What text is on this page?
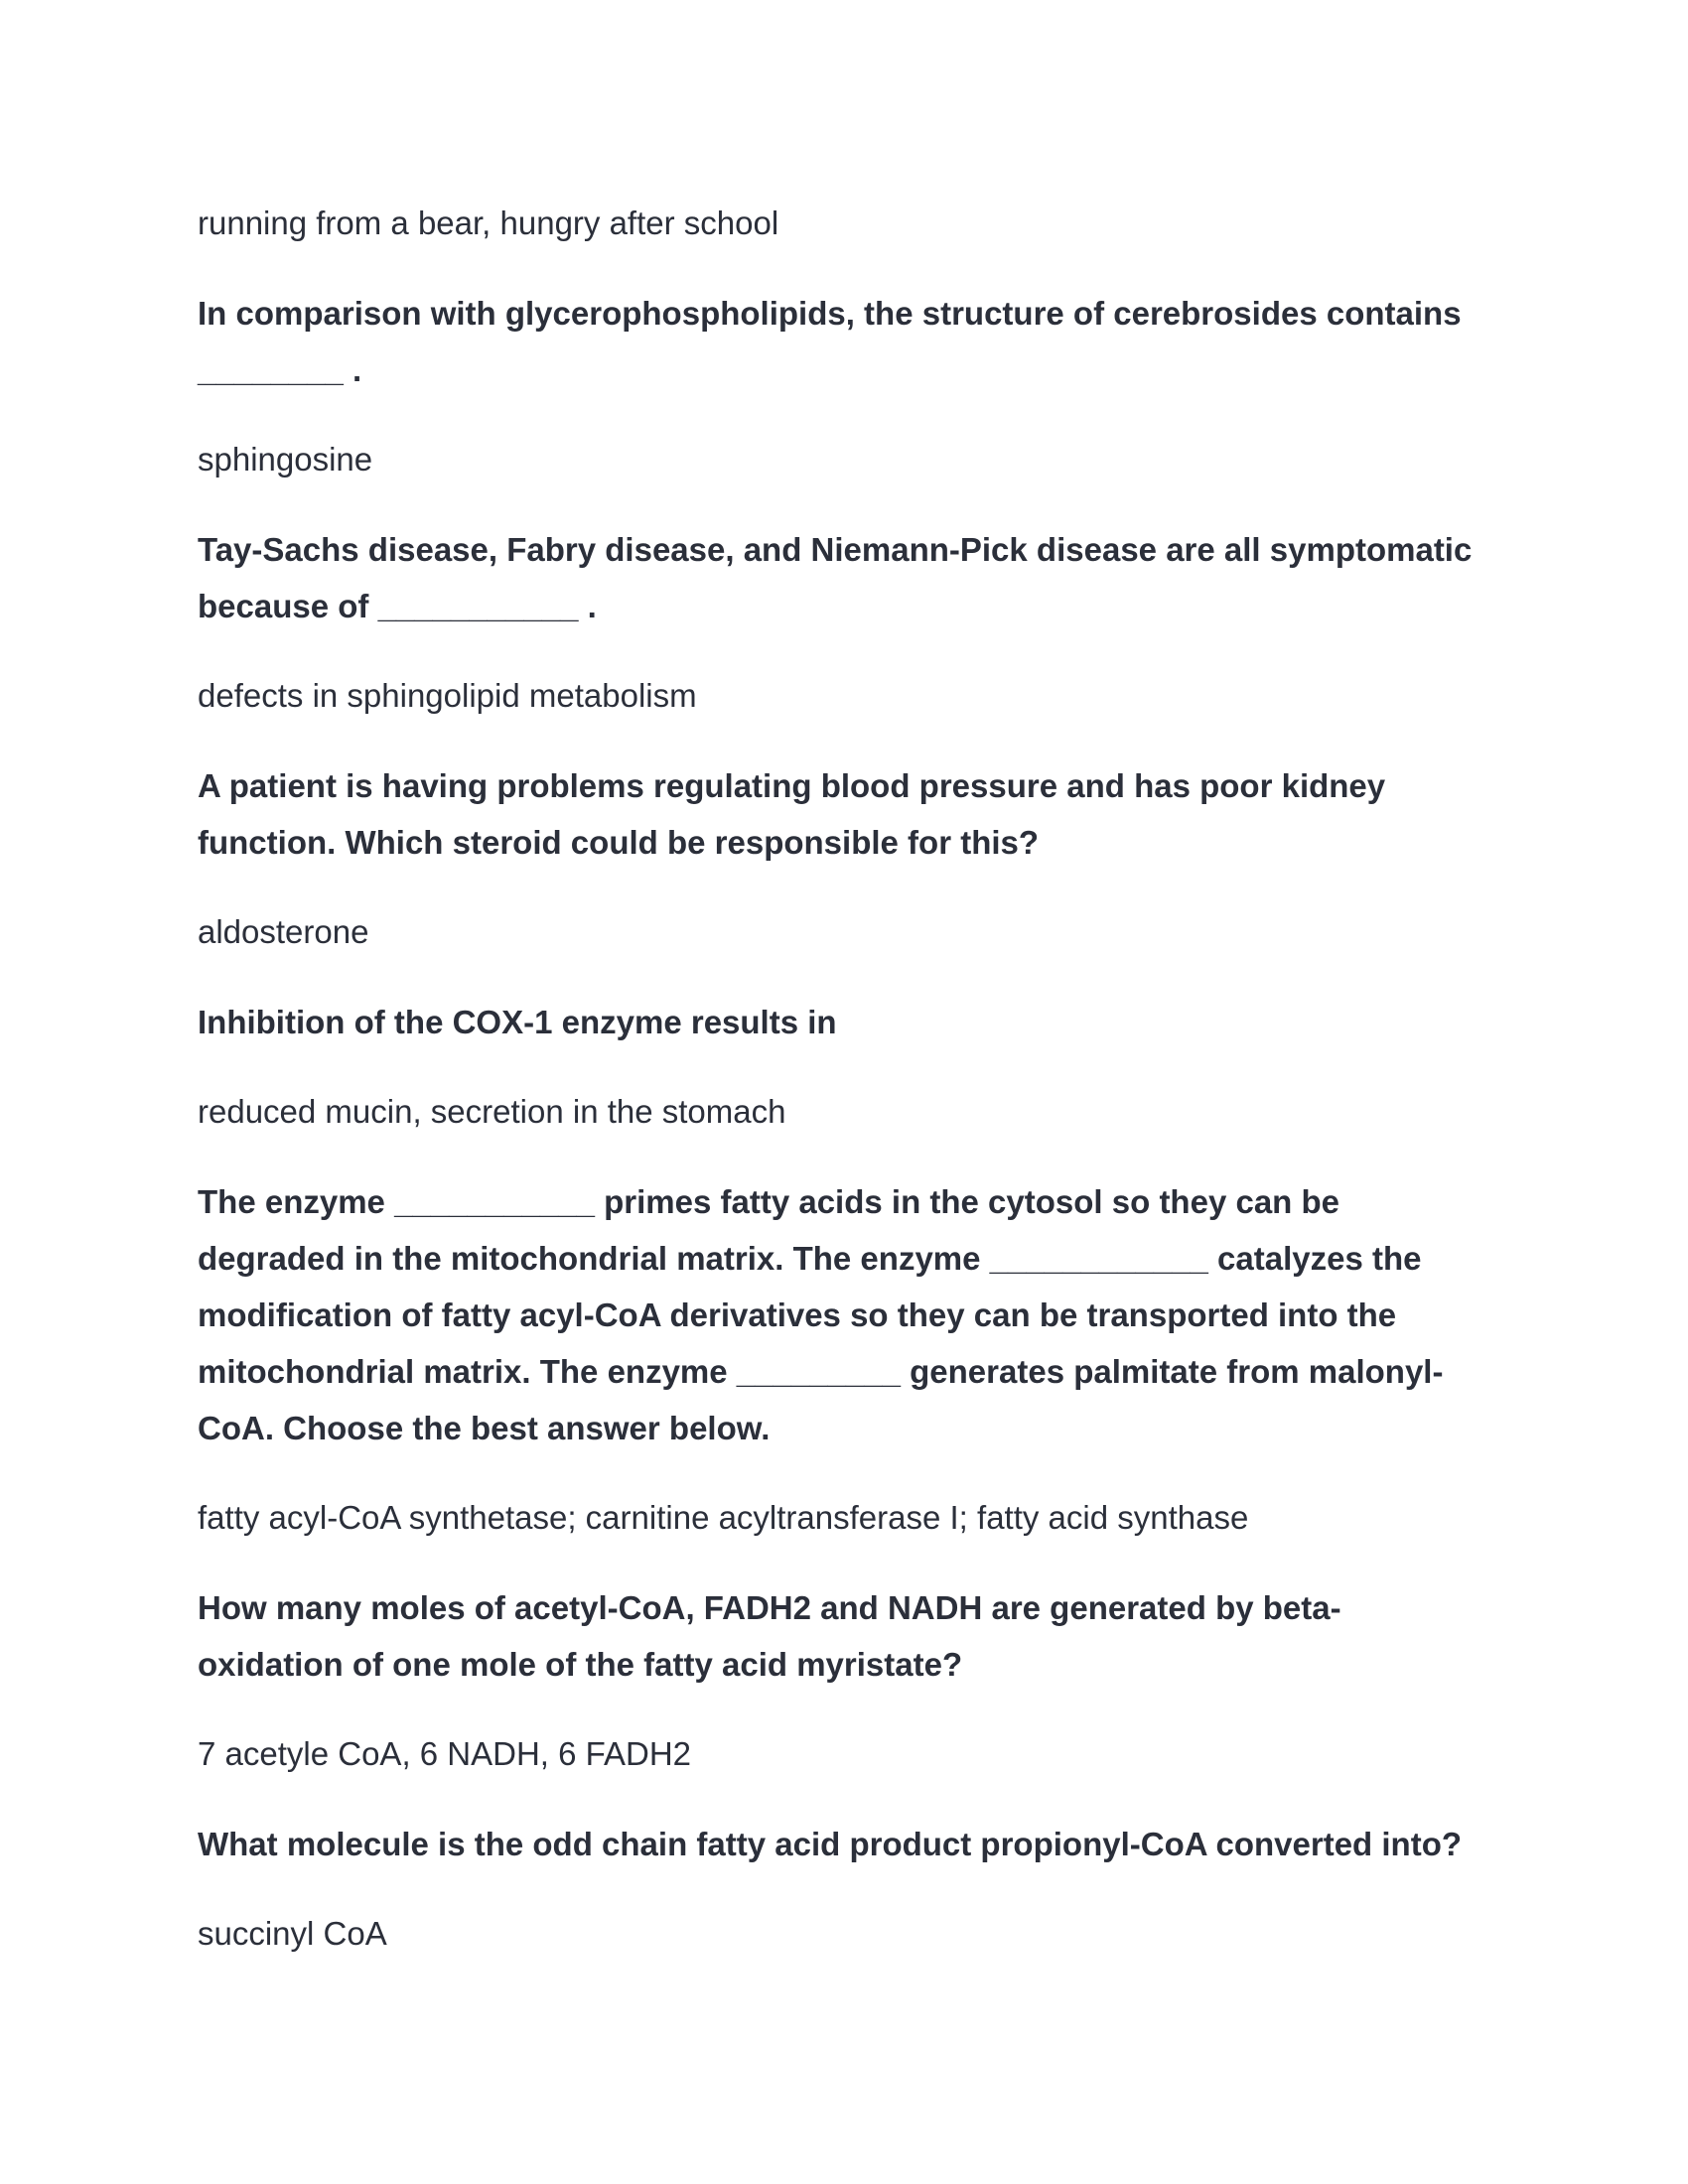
running from a bear, hungry after school

In comparison with glycerophospholipids, the structure of cerebrosides contains
________ .

sphingosine

Tay-Sachs disease, Fabry disease, and Niemann-Pick disease are all symptomatic
because of ___________ .

defects in sphingolipid metabolism

A patient is having problems regulating blood pressure and has poor kidney
function. Which steroid could be responsible for this?

aldosterone

Inhibition of the COX-1 enzyme results in

reduced mucin, secretion in the stomach

The enzyme ___________ primes fatty acids in the cytosol so they can be
degraded in the mitochondrial matrix. The enzyme ____________ catalyzes the
modification of fatty acyl-CoA derivatives so they can be transported into the
mitochondrial matrix. The enzyme _________ generates palmitate from malonyl-
CoA. Choose the best answer below.

fatty acyl-CoA synthetase; carnitine acyltransferase I; fatty acid synthase

How many moles of acetyl-CoA, FADH2 and NADH are generated by beta-
oxidation of one mole of the fatty acid myristate?

7 acetyle CoA, 6 NADH, 6 FADH2

What molecule is the odd chain fatty acid product propionyl-CoA converted into?

succinyl CoA
